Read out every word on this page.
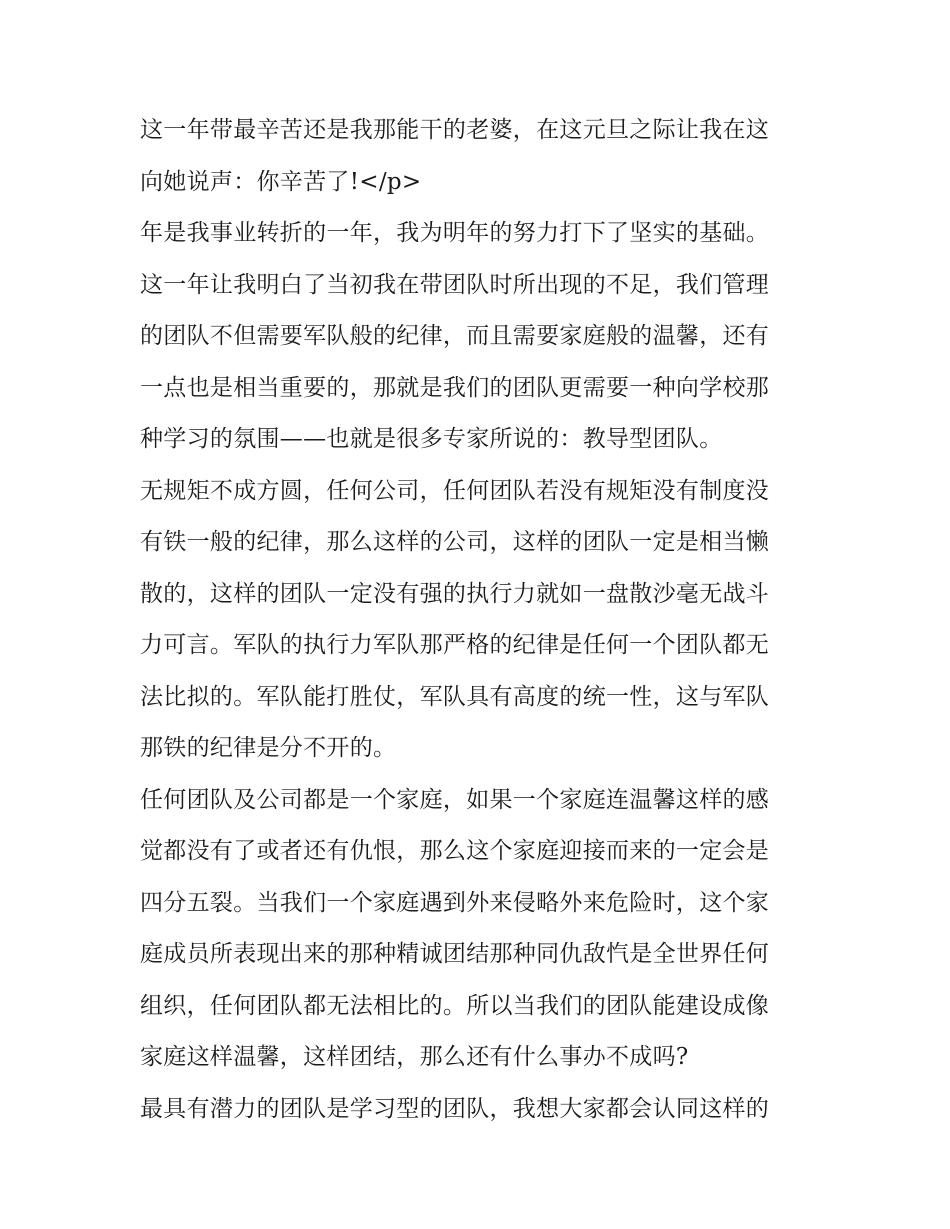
这一年带最辛苦还是我那能干的老婆，在这元旦之际让我在这
向她说声：你辛苦了!</p>
年是我事业转折的一年，我为明年的努力打下了坚实的基础。
这一年让我明白了当初我在带团队时所出现的不足，我们管理
的团队不但需要军队般的纪律，而且需要家庭般的温馨，还有
一点也是相当重要的，那就是我们的团队更需要一种向学校那
种学习的氛围——也就是很多专家所说的：教导型团队。
无规矩不成方圆，任何公司，任何团队若没有规矩没有制度没
有铁一般的纪律，那么这样的公司，这样的团队一定是相当懒
散的，这样的团队一定没有强的执行力就如一盘散沙毫无战斗
力可言。军队的执行力军队那严格的纪律是任何一个团队都无
法比拟的。军队能打胜仗，军队具有高度的统一性，这与军队
那铁的纪律是分不开的。
任何团队及公司都是一个家庭，如果一个家庭连温馨这样的感
觉都没有了或者还有仇恨，那么这个家庭迎接而来的一定会是
四分五裂。当我们一个家庭遇到外来侵略外来危险时，这个家
庭成员所表现出来的那种精诚团结那种同仇敌忾是全世界任何
组织，任何团队都无法相比的。所以当我们的团队能建设成像
家庭这样温馨，这样团结，那么还有什么事办不成吗?
最具有潜力的团队是学习型的团队，我想大家都会认同这样的
